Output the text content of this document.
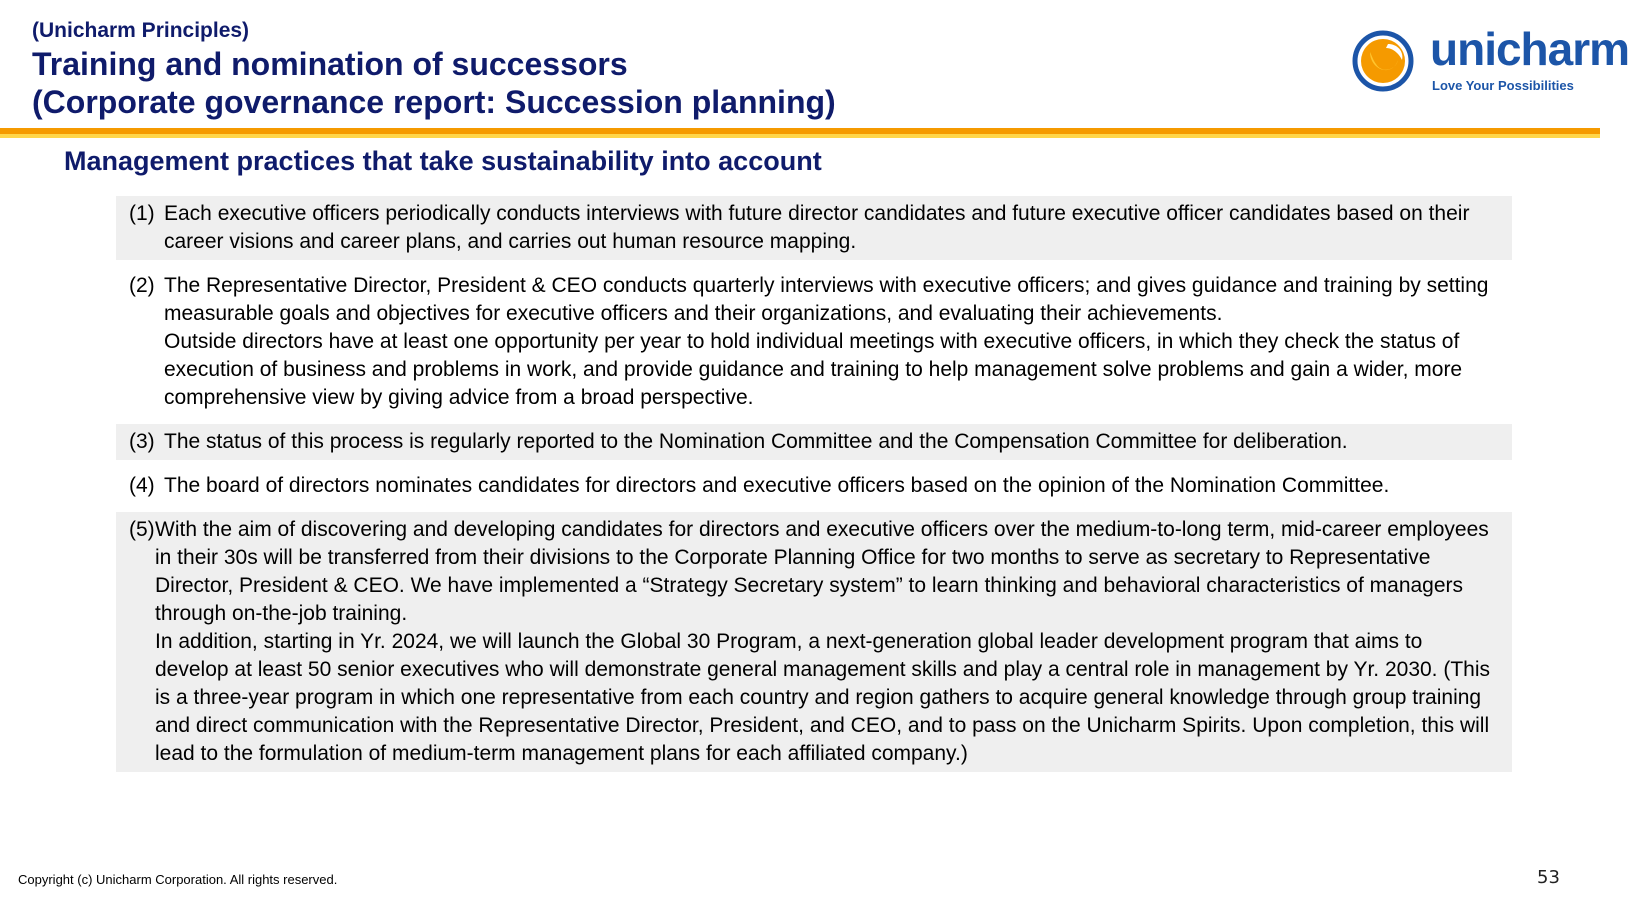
(Unicharm Principles)
Training and nomination of successors
(Corporate governance report: Succession planning)
unicharm
Love Your Possibilities
Management practices that take sustainability into account
(1) Each executive officers periodically conducts interviews with future director candidates and future executive officer candidates based on their career visions and career plans, and carries out human resource mapping.
(2) The Representative Director, President & CEO conducts quarterly interviews with executive officers; and gives guidance and training by setting measurable goals and objectives for executive officers and their organizations, and evaluating their achievements.
Outside directors have at least one opportunity per year to hold individual meetings with executive officers, in which they check the status of execution of business and problems in work, and provide guidance and training to help management solve problems and gain a wider, more comprehensive view by giving advice from a broad perspective.
(3) The status of this process is regularly reported to the Nomination Committee and the Compensation Committee for deliberation.
(4) The board of directors nominates candidates for directors and executive officers based on the opinion of the Nomination Committee.
(5) With the aim of discovering and developing candidates for directors and executive officers over the medium-to-long term, mid-career employees in their 30s will be transferred from their divisions to the Corporate Planning Office for two months to serve as secretary to Representative Director, President & CEO. We have implemented a “Strategy Secretary system” to learn thinking and behavioral characteristics of managers through on-the-job training.
In addition, starting in Yr. 2024, we will launch the Global 30 Program, a next-generation global leader development program that aims to develop at least 50 senior executives who will demonstrate general management skills and play a central role in management by Yr. 2030. (This is a three-year program in which one representative from each country and region gathers to acquire general knowledge through group training and direct communication with the Representative Director, President, and CEO, and to pass on the Unicharm Spirits. Upon completion, this will lead to the formulation of medium-term management plans for each affiliated company.)
Copyright (c) Unicharm Corporation. All rights reserved.	53
